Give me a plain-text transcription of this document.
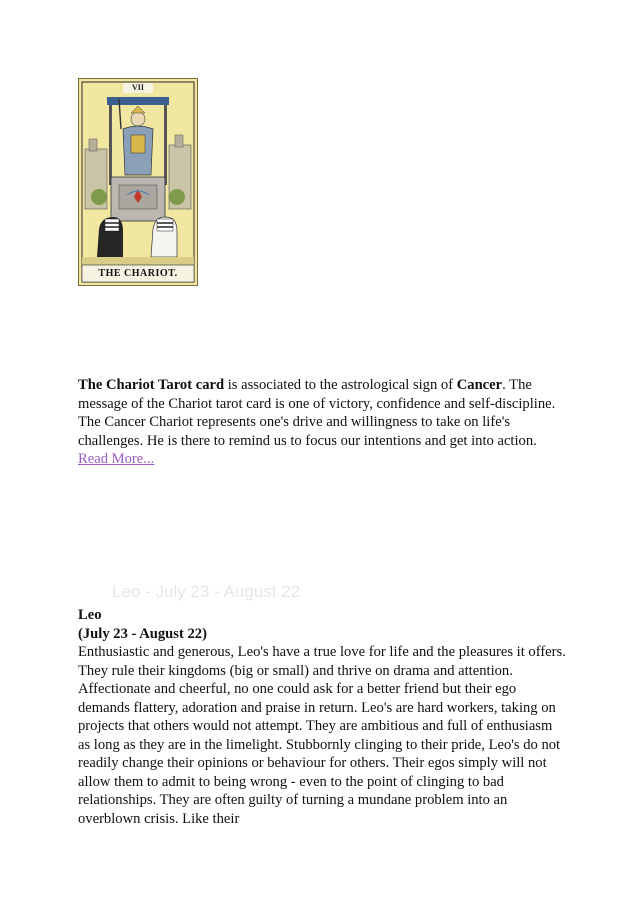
VII
THE CHARIOT.
The Chariot Tarot card is associated to the astrological sign of Cancer. The message of the Chariot tarot card is one of victory, confidence and self-discipline. The Cancer Chariot represents one's drive and willingness to take on life's challenges. He is there to remind us to focus our intentions and get into action.
Read More...
Leo - July 23 - August 22
Leo
(July 23 - August 22)
Enthusiastic and generous, Leo's have a true love for life and the pleasures it offers. They rule their kingdoms (big or small) and thrive on drama and attention. Affectionate and cheerful, no one could ask for a better friend but their ego demands flattery, adoration and praise in return. Leo's are hard workers, taking on projects that others would not attempt. They are ambitious and full of enthusiasm as long as they are in the limelight. Stubbornly clinging to their pride, Leo's do not readily change their opinions or behaviour for others. Their egos simply will not allow them to admit to being wrong - even to the point of clinging to bad relationships. They are often guilty of turning a mundane problem into an overblown crisis. Like their
